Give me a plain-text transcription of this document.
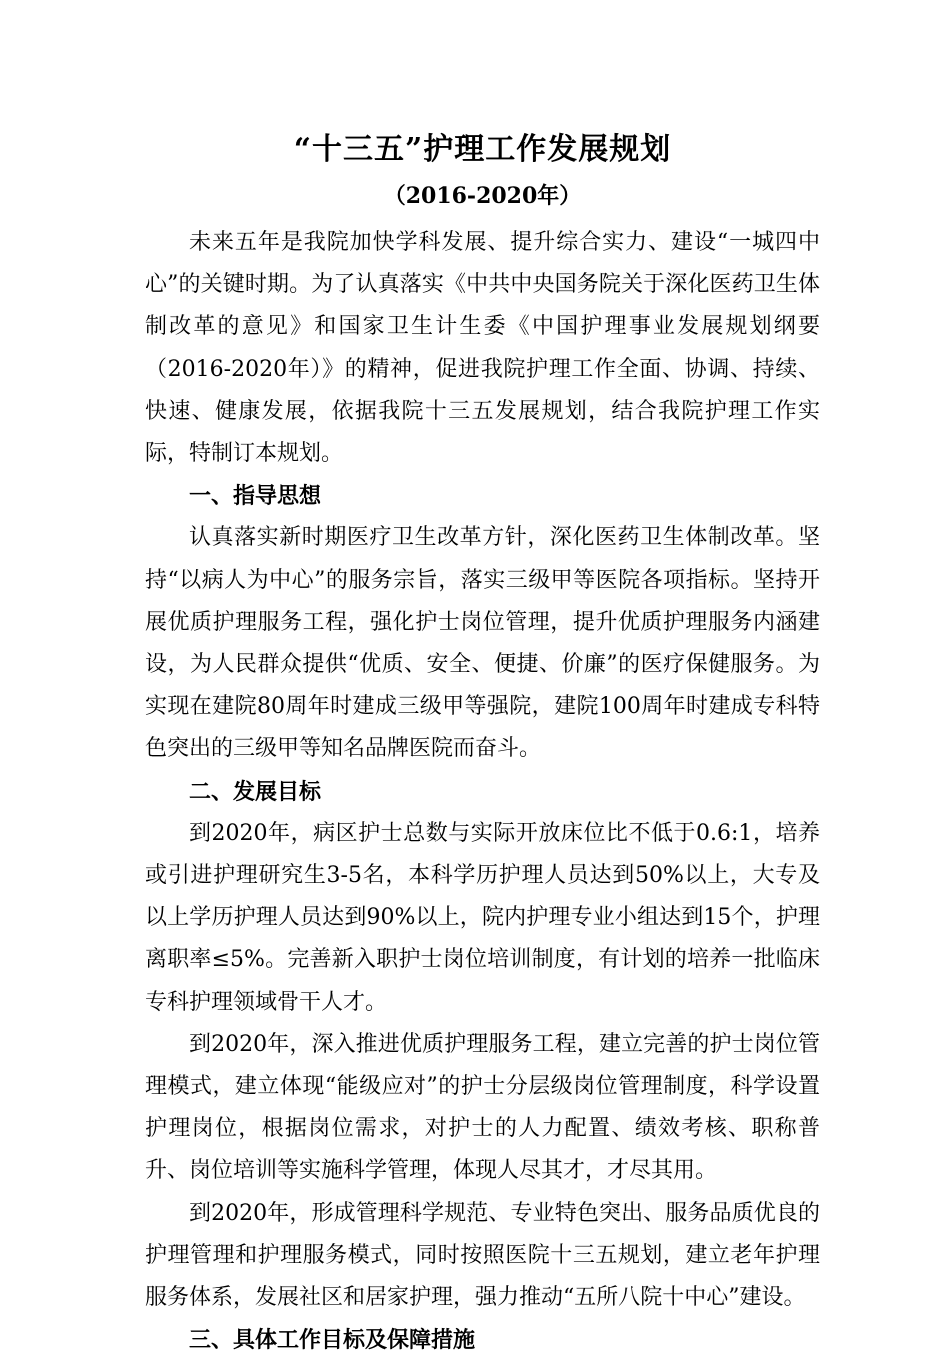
“十三五”护理工作发展规划
（2016-2020年）

未来五年是我院加快学科发展、提升综合实力、建设“一城四中心”的关键时期。为了认真落实《中共中央国务院关于深化医药卫生体制改革的意见》和国家卫生计生委《中国护理事业发展规划纲要（2016-2020年）》的精神，促进我院护理工作全面、协调、持续、快速、健康发展，依据我院十三五发展规划，结合我院护理工作实际，特制订本规划。

一、指导思想

认真落实新时期医疗卫生改革方针，深化医药卫生体制改革。坚持“以病人为中心”的服务宗旨，落实三级甲等医院各项指标。坚持开展优质护理服务工程，强化护士岗位管理，提升优质护理服务内涵建设，为人民群众提供“优质、安全、便捷、价廉”的医疗保健服务。为实现在建院80周年时建成三级甲等强院，建院100周年时建成专科特色突出的三级甲等知名品牌医院而奋斗。

二、发展目标

到2020年，病区护士总数与实际开放床位比不低于0.6:1，培养或引进护理研究生3-5名，本科学历护理人员达到50%以上，大专及以上学历护理人员达到90%以上，院内护理专业小组达到15个，护理离职率≤5%。完善新入职护士岗位培训制度，有计划的培养一批临床专科护理领域骨干人才。

到2020年，深入推进优质护理服务工程，建立完善的护士岗位管理模式，建立体现“能级应对”的护士分层级岗位管理制度，科学设置护理岗位，根据岗位需求，对护士的人力配置、绩效考核、职称普升、岗位培训等实施科学管理，体现人尽其才，才尽其用。

到2020年，形成管理科学规范、专业特色突出、服务品质优良的护理管理和护理服务模式，同时按照医院十三五规划，建立老年护理服务体系，发展社区和居家护理，强力推动“五所八院十中心”建设。

三、具体工作目标及保障措施
